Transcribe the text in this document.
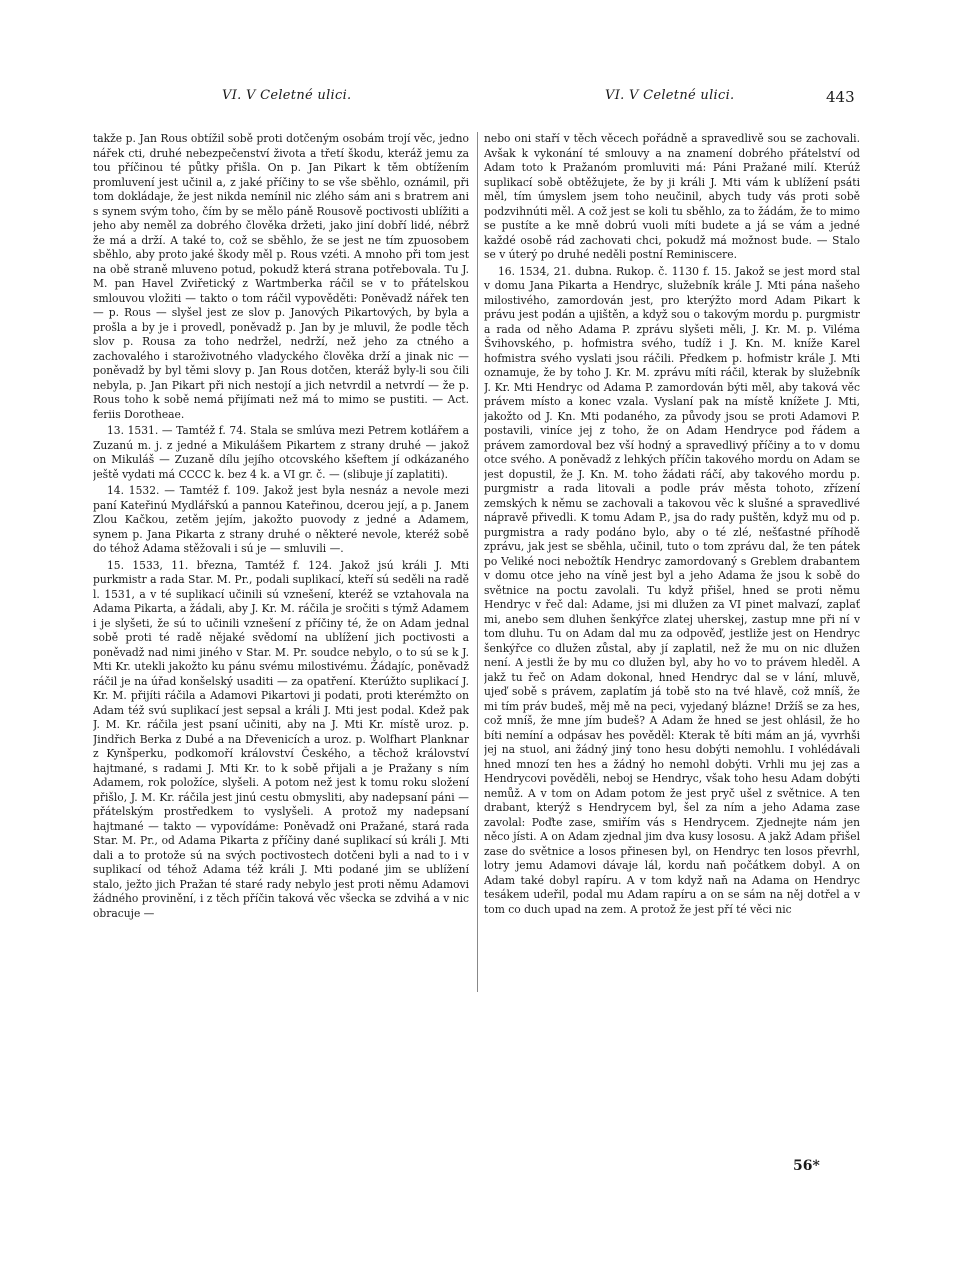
VI. V Celetné ulici.	VI. V Celetné ulici.	443

takže p. Jan Rous obtížil sobě proti dotčeným osobám trojí věc, jedno nářek cti, druhé nebezpečenství života a třetí škodu, kteráž jemu za tou příčinou té půtky přišla. On p. Jan Pikart k těm obtížením promluvení jest učinil a, z jaké příčiny to se vše sběhlo, oznámil, při tom dokládaje, že jest nikda nemínil nic zlého sám ani s bratrem ani s synem svým toho, čím by se mělo páně Rousově poctivosti ublížiti a jeho aby neměl za dobrého člověka držeti, jako jiní dobří lidé, nébrž že má a drží. A také to, což se sběhlo, že se jest ne tím zpuosobem sběhlo, aby proto jaké škody měl p. Rous vzéti. A mnoho při tom jest na obě straně mluveno potud, pokudž která strana potřebovala. Tu J. M. pan Havel Zviřetický z Wartmberka ráčil se v to přátelskou smlouvou vložiti — takto o tom ráčil vypověděti: Poněvadž nářek ten — p. Rous — slyšel jest ze slov p. Janových Pikartových, by byla a prošla a by je i provedl, poněvadž p. Jan by je mluvil, že podle těch slov p. Rousa za toho nedržel, nedrží, než jeho za ctného a zachovalého i staroživotného vladyckého člověka drží a jinak nic — poněvadž by byl těmi slovy p. Jan Rous dotčen, kteráž byly-li sou čili nebyla, p. Jan Pikart při nich nestojí a jich netvrdil a netvrdí — že p. Rous toho k sobě nemá přijímati než má to mimo se pustiti. — Act. feriis Dorotheae.

13. 1531. — Tamtéž f. 74. Stala se smlúva mezi Petrem kotlářem a Zuzanú m. j. z jedné a Mikulášem Pikartem z strany druhé — jakož on Mikuláš — Zuzaně dílu jejího otcovského kšeftem jí odkázaného ještě vydati má CCCC k. bez 4 k. a VI gr. č. — (slibuje jí zaplatiti).

14. 1532. — Tamtéž f. 109. Jakož jest byla nesnáz a nevole mezi paní Kateřinú Mydlářskú a pannou Kateřinou, dcerou její, a p. Janem Zlou Kačkou, zetěm jejím, jakožto puovody z jedné a Adamem, synem p. Jana Pikarta z strany druhé o některé nevole, kteréž sobě do téhož Adama stěžovali i sú je — smluvili —.

15. 1533, 11. března, Tamtéž f. 124. Jakož jsú králi J. Mti purkmistr a rada Star. M. Pr., podali suplikací, kteří sú seděli na radě l. 1531, a v té suplikací učinili sú vznešení, kteréž se vztahovala na Adama Pikarta, a žádali, aby J. Kr. M. ráčila je sročiti s týmž Adamem i je slyšeti, že sú to učinili vznešení z příčiny té, že on Adam jednal sobě proti té radě nějaké svědomí na ublížení jich poctivosti a poněvadž nad nimi jiného v Star. M. Pr. soudce nebylo, o to sú se k J. Mti Kr. utekli jakožto ku pánu svému milostivému. Žádajíc, poněvadž ráčil je na úřad konšelský usaditi — za opatření. Kterúžto suplikací J. Kr. M. přijíti ráčila a Adamovi Pikartovi ji podati, proti kterémžto on Adam též svú suplikací jest sepsal a králi J. Mti jest podal. Kdež pak J. M. Kr. ráčila jest psaní učiniti, aby na J. Mti Kr. místě uroz. p. Jindřich Berka z Dubé a na Dřevenicích a uroz. p. Wolfhart Planknar z Kynšperku, podkomoří království Českého, a těchož království hajtmané, s radami J. Mti Kr. to k sobě přijali a je Pražany s ním Adamem, rok položíce, slyšeli. A potom než jest k tomu roku složení přišlo, J. M. Kr. ráčila jest jinú cestu obmysliti, aby nadepsaní páni — přátelským prostředkem to vyslyšeli. A protož my nadepsaní hajtmané — takto — vypovídáme: Poněvadž oni Pražané, stará rada Star. M. Pr., od Adama Pikarta z příčiny dané suplikací sú králi J. Mti dali a to protože sú na svých poctivostech dotčeni byli a nad to i v suplikací od téhož Adama též králi J. Mti podané jim se ublížení stalo, ježto jich Pražan té staré rady nebylo jest proti němu Adamovi žádného provinění, i z těch příčin taková věc všecka se zdvihá a v nic obracuje —

nebo oni staří v těch věcech pořádně a spravedlivě sou se zachovali. Avšak k vykonání té smlouvy a na znamení dobrého přátelství od Adam toto k Pražanóm promluviti má: Páni Pražané milí. Kterúž suplikací sobě obtěžujete, že by ji králi J. Mti vám k ublížení psáti měl, tím úmyslem jsem toho neučinil, abych tudy vás proti sobě podzvihnúti měl. A což jest se koli tu sběhlo, za to žádám, že to mimo se pustíte a ke mně dobrú vuoli míti budete a já se vám a jedné každé osobě rád zachovati chci, pokudž má možnost bude. — Stalo se v úterý po druhé neděli postní Reminiscere.

16. 1534, 21. dubna. Rukop. č. 1130 f. 15. Jakož se jest mord stal v domu Jana Pikarta a Hendryc, služebník krále J. Mti pána našeho milostivého, zamordován jest, pro kterýžto mord Adam Pikart k právu jest podán a ujištěn, a když sou o takovým mordu p. purgmistr a rada od něho Adama P. zprávu slyšeti měli, J. Kr. M. p. Viléma Švihovského, p. hofmistra svého, tudíž i J. Kn. M. kníže Karel hofmistra svého vyslati jsou ráčili. Předkem p. hofmistr krále J. Mti oznamuje, že by toho J. Kr. M. zprávu míti ráčil, kterak by služebník J. Kr. Mti Hendryc od Adama P. zamordován býti měl, aby taková věc právem místo a konec vzala. Vyslaní pak na místě knížete J. Mti, jakožto od J. Kn. Mti podaného, za původy jsou se proti Adamovi P. postavili, viníce jej z toho, že on Adam Hendryce pod řádem a právem zamordoval bez vší hodný a spravedlivý příčiny a to v domu otce svého. A poněvadž z lehkých příčin takového mordu on Adam se jest dopustil, že J. Kn. M. toho žádati ráčí, aby takového mordu p. purgmistr a rada litovali a podle práv města tohoto, zřízení zemských k němu se zachovali a takovou věc k slušné a spravedlivé nápravě přivedli. K tomu Adam P., jsa do rady puštěn, když mu od p. purgmistra a rady podáno bylo, aby o té zlé, nešťastné příhodě zprávu, jak jest se sběhla, učinil, tuto o tom zprávu dal, že ten pátek po Veliké noci nebožtík Hendryc zamordovaný s Greblem drabantem v domu otce jeho na víně jest byl a jeho Adama že jsou k sobě do světnice na poctu zavolali. Tu když přišel, hned se proti němu Hendryc v řeč dal: Adame, jsi mi dlužen za VI pinet malvazí, zaplať mi, anebo sem dluhen šenkýřce zlatej uherskej, zastup mne při ní v tom dluhu. Tu on Adam dal mu za odpověď, jestliže jest on Hendryc šenkýřce co dlužen zůstal, aby jí zaplatil, než že mu on nic dlužen není. A jestli že by mu co dlužen byl, aby ho vo to právem hleděl. A jakž tu řeč on Adam dokonal, hned Hendryc dal se v lání, mluvě, ujeď sobě s právem, zaplatím já tobě sto na tvé hlavě, což mníš, že mi tím práv budeš, měj mě na peci, vyjedaný blázne! Držíš se za hes, což mníš, že mne jím budeš? A Adam že hned se jest ohlásil, že ho bíti nemíní a odpásav hes pověděl: Kterak tě bíti mám an já, vyvrhši jej na stuol, ani žádný jiný tono hesu dobýti nemohlu. I vohlédávali hned mnozí ten hes a žádný ho nemohl dobýti. Vrhli mu jej zas a Hendrycovi pověděli, neboj se Hendryc, však toho hesu Adam dobýti nemůž. A v tom on Adam potom že jest pryč ušel z světnice. A ten drabant, kterýž s Hendrycem byl, šel za ním a jeho Adama zase zavolal: Poďte zase, smiřím vás s Hendrycem. Zjednejte nám jen něco jísti. A on Adam zjednal jim dva kusy lososu. A jakž Adam přišel zase do světnice a losos přinesen byl, on Hendryc ten losos převrhl, lotry jemu Adamovi dávaje lál, kordu naň počátkem dobyl. A on Adam také dobyl rapíru. A v tom když naň na Adama on Hendryc tesákem udeřil, podal mu Adam rapíru a on se sám na něj dotřel a v tom co duch upad na zem. A protož že jest pří té věci nic

56*
